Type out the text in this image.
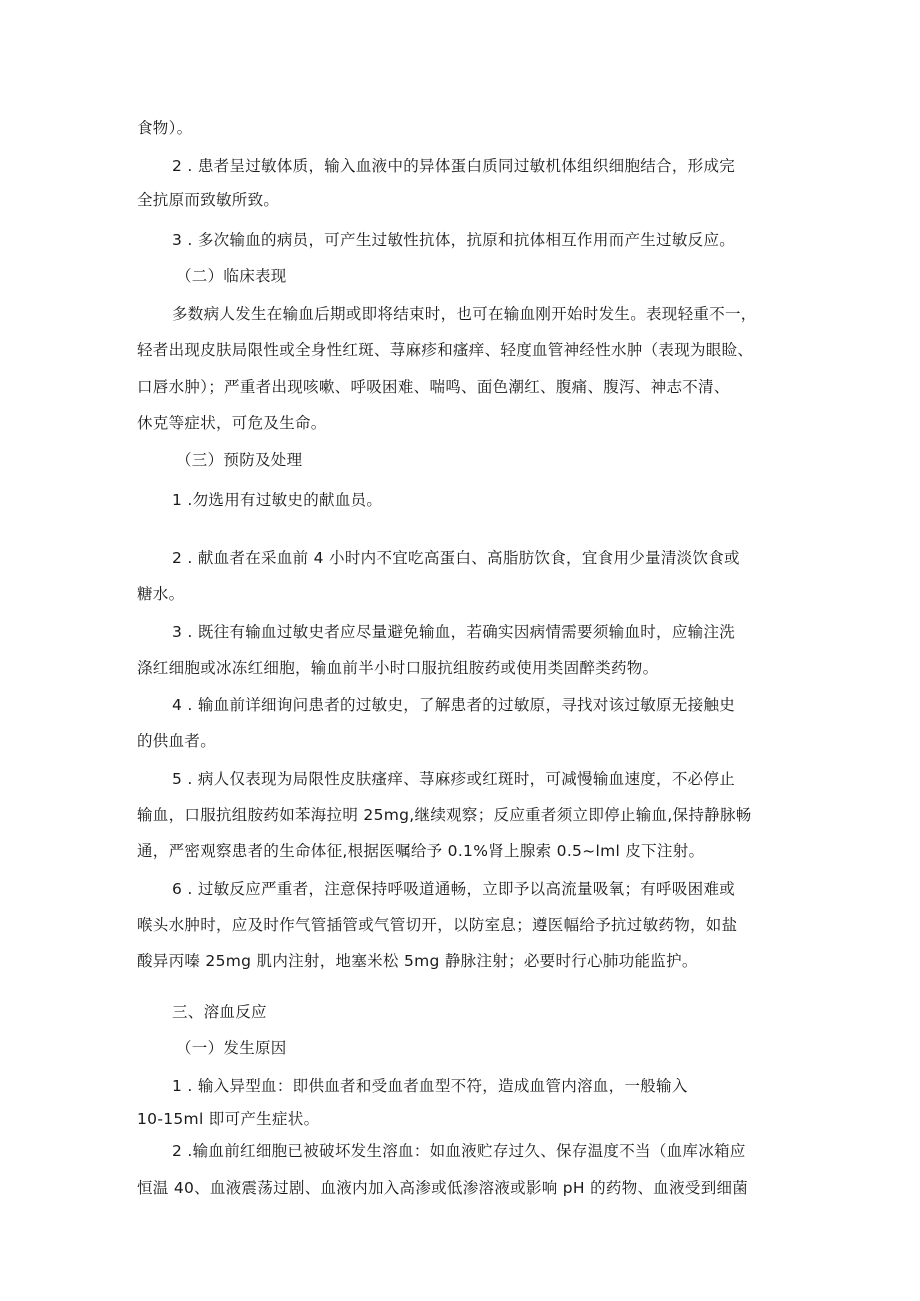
食物）。
2 . 患者呈过敏体质，输入血液中的异体蛋白质同过敏机体组织细胞结合，形成完
全抗原而致敏所致。
3 . 多次输血的病员，可产生过敏性抗体，抗原和抗体相互作用而产生过敏反应。
（二）临床表现
多数病人发生在输血后期或即将结束时，也可在输血刚开始时发生。表现轻重不一，
轻者出现皮肤局限性或全身性红斑、荨麻疹和瘙痒、轻度血管神经性水肿（表现为眼睑、
口唇水肿）；严重者出现咳嗽、呼吸困难、喘鸣、面色潮红、腹痛、腹泻、神志不清、
休克等症状，可危及生命。
（三）预防及处理
1 .勿选用有过敏史的献血员。
2 . 献血者在采血前 4 小时内不宜吃高蛋白、高脂肪饮食，宜食用少量清淡饮食或
糖水。
3 . 既往有输血过敏史者应尽量避免输血，若确实因病情需要须输血时，应输注洗
涤红细胞或冰冻红细胞，输血前半小时口服抗组胺药或使用类固醉类药物。
4 . 输血前详细询问患者的过敏史，了解患者的过敏原，寻找对该过敏原无接触史
的供血者。
5 . 病人仅表现为局限性皮肤瘙痒、荨麻疹或红斑时，可减慢输血速度，不必停止
输血，口服抗组胺药如苯海拉明 25mg,继续观察；反应重者须立即停止输血,保持静脉畅
通，严密观察患者的生命体征,根据医嘱给予 0.1%肾上腺索 0.5~lml 皮下注射。
6 . 过敏反应严重者，注意保持呼吸道通畅，立即予以高流量吸氧；有呼吸困难或
喉头水肿时，应及时作气管插管或气管切开，以防室息；遵医幅给予抗过敏药物，如盐
酸异丙嗪 25mg 肌内注射，地塞米松 5mg 静脉注射；必要时行心肺功能监护。
三、溶血反应
（一）发生原因
1 . 输入异型血：即供血者和受血者血型不符，造成血管内溶血，一般输入
10-15ml 即可产生症状。
2 .输血前红细胞已被破坏发生溶血：如血液贮存过久、保存温度不当（血库冰箱应
恒温 40、血液震荡过剧、血液内加入高渗或低渗溶液或影响 pH 的药物、血液受到细菌
